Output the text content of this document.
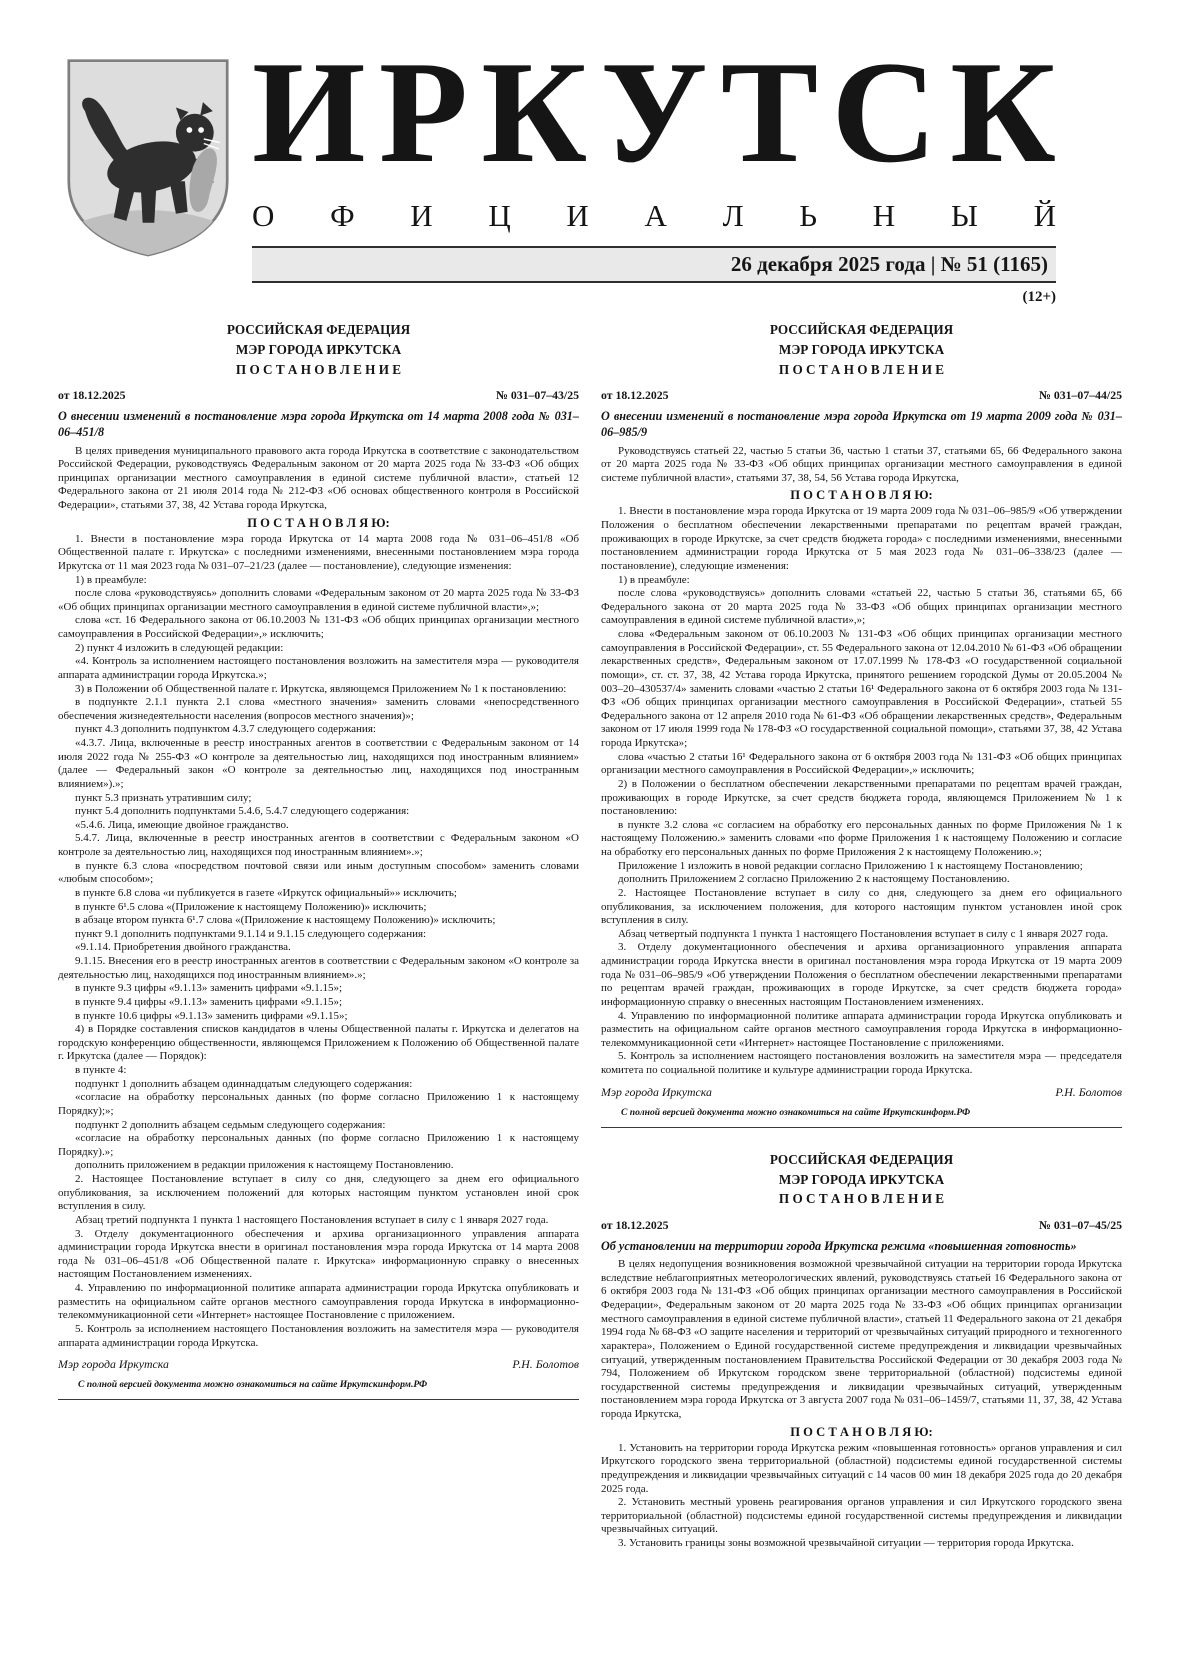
И Р К У Т С К
О Ф И Ц И А Л Ь Н Ы Й
26 декабря 2025 года | № 51 (1165)
(12+)
РОССИЙСКАЯ ФЕДЕРАЦИЯ
МЭР ГОРОДА ИРКУТСКА
П О С Т А Н О В Л Е Н И Е
от 18.12.2025	№ 031–07–43/25
О внесении изменений в постановление мэра города Иркутска от 14 марта 2008 года № 031–06–451/8

В целях приведения муниципального правового акта города Иркутска в соответствие с законодательством Российской Федерации, руководствуясь Федеральным законом от 20 марта 2025 года № 33-ФЗ «Об общих принципах организации местного самоуправления в единой системе публичной власти», статьей 12 Федерального закона от 21 июля 2014 года № 212-ФЗ «Об основах общественного контроля в Российской Федерации», статьями 37, 38, 42 Устава города Иркутска,

П О С Т А Н О В Л Я Ю:

1. Внести в постановление мэра города Иркутска от 14 марта 2008 года № 031–06–451/8 «Об Общественной палате г. Иркутска» с последними изменениями, внесенными постановлением мэра города Иркутска от 11 мая 2023 года № 031–07–21/23 (далее — постановление), следующие изменения:

1) в преамбуле:

после слова «руководствуясь» дополнить словами «Федеральным законом от 20 марта 2025 года № 33-ФЗ «Об общих принципах организации местного самоуправления в единой системе публичной власти»,»;

слова «ст. 16 Федерального закона от 06.10.2003 № 131-ФЗ «Об общих принципах организации местного самоуправления в Российской Федерации»,» исключить;

2) пункт 4 изложить в следующей редакции:

«4. Контроль за исполнением настоящего постановления возложить на заместителя мэра — руководителя аппарата администрации города Иркутска.»;

3) в Положении об Общественной палате г. Иркутска, являющемся Приложением № 1 к постановлению:

в подпункте 2.1.1 пункта 2.1 слова «местного значения» заменить словами «непосредственного обеспечения жизнедеятельности населения (вопросов местного значения)»;

пункт 4.3 дополнить подпунктом 4.3.7 следующего содержания:

«4.3.7. Лица, включенные в реестр иностранных агентов в соответствии с Федеральным законом от 14 июля 2022 года № 255-ФЗ «О контроле за деятельностью лиц, находящихся под иностранным влиянием» (далее — Федеральный закон «О контроле за деятельностью лиц, находящихся под иностранным влиянием»).»;

пункт 5.3 признать утратившим силу;

пункт 5.4 дополнить подпунктами 5.4.6, 5.4.7 следующего содержания:

«5.4.6. Лица, имеющие двойное гражданство.

5.4.7. Лица, включенные в реестр иностранных агентов в соответствии с Федеральным законом «О контроле за деятельностью лиц, находящихся под иностранным влиянием».»;

в пункте 6.3 слова «посредством почтовой связи или иным доступным способом» заменить словами «любым способом»;

в пункте 6.8 слова «и публикуется в газете «Иркутск официальный»» исключить;

в пункте 6¹.5 слова «(Приложение к настоящему Положению)» исключить;

в абзаце втором пункта 6¹.7 слова «(Приложение к настоящему Положению)» исключить;

пункт 9.1 дополнить подпунктами 9.1.14 и 9.1.15 следующего содержания:

«9.1.14. Приобретения двойного гражданства.

9.1.15. Внесения его в реестр иностранных агентов в соответствии с Федеральным законом «О контроле за деятельностью лиц, находящихся под иностранным влиянием».»;

в пункте 9.3 цифры «9.1.13» заменить цифрами «9.1.15»;

в пункте 9.4 цифры «9.1.13» заменить цифрами «9.1.15»;

в пункте 10.6 цифры «9.1.13» заменить цифрами «9.1.15»;

4) в Порядке составления списков кандидатов в члены Общественной палаты г. Иркутска и делегатов на городскую конференцию общественности, являющемся Приложением к Положению об Общественной палате г. Иркутска (далее — Порядок):

в пункте 4:

подпункт 1 дополнить абзацем одиннадцатым следующего содержания:

«согласие на обработку персональных данных (по форме согласно Приложению 1 к настоящему Порядку);»;

подпункт 2 дополнить абзацем седьмым следующего содержания:

«согласие на обработку персональных данных (по форме согласно Приложению 1 к настоящему Порядку).»;

дополнить приложением в редакции приложения к настоящему Постановлению.

2. Настоящее Постановление вступает в силу со дня, следующего за днем его официального опубликования, за исключением положений для которых настоящим пунктом установлен иной срок вступления в силу.

Абзац третий подпункта 1 пункта 1 настоящего Постановления вступает в силу с 1 января 2027 года.

3. Отделу документационного обеспечения и архива организационного управления аппарата администрации города Иркутска внести в оригинал постановления мэра города Иркутска от 14 марта 2008 года № 031–06–451/8 «Об Общественной палате г. Иркутска» информационную справку о внесенных настоящим Постановлением изменениях.

4. Управлению по информационной политике аппарата администрации города Иркутска опубликовать и разместить на официальном сайте органов местного самоуправления города Иркутска в информационно-телекоммуникационной сети «Интернет» настоящее Постановление с приложением.

5. Контроль за исполнением настоящего Постановления возложить на заместителя мэра — руководителя аппарата администрации города Иркутска.

Мэр города Иркутска	Р.Н. Болотов
С полной версией документа можно ознакомиться на сайте Иркутскинформ.РФ
РОССИЙСКАЯ ФЕДЕРАЦИЯ
МЭР ГОРОДА ИРКУТСКА
П О С Т А Н О В Л Е Н И Е
от 18.12.2025	№ 031–07–44/25
О внесении изменений в постановление мэра города Иркутска от 19 марта 2009 года № 031–06–985/9

Руководствуясь статьей 22, частью 5 статьи 36, частью 1 статьи 37, статьями 65, 66 Федерального закона от 20 марта 2025 года № 33-ФЗ «Об общих принципах организации местного самоуправления в единой системе публичной власти», статьями 37, 38, 54, 56 Устава города Иркутска,

П О С Т А Н О В Л Я Ю:

1. Внести в постановление мэра города Иркутска от 19 марта 2009 года № 031–06–985/9 «Об утверждении Положения о бесплатном обеспечении лекарственными препаратами по рецептам врачей граждан, проживающих в городе Иркутске, за счет средств бюджета города» с последними изменениями, внесенными постановлением администрации города Иркутска от 5 мая 2023 года № 031–06–338/23 (далее — постановление), следующие изменения:

1) в преамбуле:

после слова «руководствуясь» дополнить словами «статьей 22, частью 5 статьи 36, статьями 65, 66 Федерального закона от 20 марта 2025 года № 33-ФЗ «Об общих принципах организации местного самоуправления в единой системе публичной власти»,»;

слова «Федеральным законом от 06.10.2003 № 131-ФЗ «Об общих принципах организации местного самоуправления в Российской Федерации», ст. 55 Федерального закона от 12.04.2010 № 61-ФЗ «Об обращении лекарственных средств», Федеральным законом от 17.07.1999 № 178-ФЗ «О государственной социальной помощи», ст. ст. 37, 38, 42 Устава города Иркутска, принятого решением городской Думы от 20.05.2004 № 003–20–430537/4» заменить словами «частью 2 статьи 16¹ Федерального закона от 6 октября 2003 года № 131-ФЗ «Об общих принципах организации местного самоуправления в Российской Федерации», статьей 55 Федерального закона от 12 апреля 2010 года № 61-ФЗ «Об обращении лекарственных средств», Федеральным законом от 17 июля 1999 года № 178-ФЗ «О государственной социальной помощи», статьями 37, 38, 42 Устава города Иркутска»;

слова «частью 2 статьи 16¹ Федерального закона от 6 октября 2003 года № 131-ФЗ «Об общих принципах организации местного самоуправления в Российской Федерации»,» исключить;

2) в Положении о бесплатном обеспечении лекарственными препаратами по рецептам врачей граждан, проживающих в городе Иркутске, за счет средств бюджета города, являющемся Приложением № 1 к постановлению:

в пункте 3.2 слова «с согласием на обработку его персональных данных по форме Приложения № 1 к настоящему Положению.» заменить словами «по форме Приложения 1 к настоящему Положению и согласие на обработку его персональных данных по форме Приложения 2 к настоящему Положению.»;

Приложение 1 изложить в новой редакции согласно Приложению 1 к настоящему Постановлению;

дополнить Приложением 2 согласно Приложению 2 к настоящему Постановлению.

2. Настоящее Постановление вступает в силу со дня, следующего за днем его официального опубликования, за исключением положения, для которого настоящим пунктом установлен иной срок вступления в силу.

Абзац четвертый подпункта 1 пункта 1 настоящего Постановления вступает в силу с 1 января 2027 года.

3. Отделу документационного обеспечения и архива организационного управления аппарата администрации города Иркутска внести в оригинал постановления мэра города Иркутска от 19 марта 2009 года № 031–06–985/9 «Об утверждении Положения о бесплатном обеспечении лекарственными препаратами по рецептам врачей граждан, проживающих в городе Иркутске, за счет средств бюджета города» информационную справку о внесенных настоящим Постановлением изменениях.

4. Управлению по информационной политике аппарата администрации города Иркутска опубликовать и разместить на официальном сайте органов местного самоуправления города Иркутска в информационно-телекоммуникационной сети «Интернет» настоящее Постановление с приложениями.

5. Контроль за исполнением настоящего постановления возложить на заместителя мэра — председателя комитета по социальной политике и культуре администрации города Иркутска.

Мэр города Иркутска	Р.Н. Болотов
С полной версией документа можно ознакомиться на сайте Иркутскинформ.РФ
РОССИЙСКАЯ ФЕДЕРАЦИЯ
МЭР ГОРОДА ИРКУТСКА
П О С Т А Н О В Л Е Н И Е
от 18.12.2025	№ 031–07–45/25
Об установлении на территории города Иркутска режима «повышенная готовность»

В целях недопущения возникновения возможной чрезвычайной ситуации на территории города Иркутска вследствие неблагоприятных метеорологических явлений, руководствуясь статьей 16 Федерального закона от 6 октября 2003 года № 131-ФЗ «Об общих принципах организации местного самоуправления в Российской Федерации», Федеральным законом от 20 марта 2025 года № 33-ФЗ «Об общих принципах организации местного самоуправления в единой системе публичной власти», статьей 11 Федерального закона от 21 декабря 1994 года № 68-ФЗ «О защите населения и территорий от чрезвычайных ситуаций природного и техногенного характера», Положением о Единой государственной системе предупреждения и ликвидации чрезвычайных ситуаций, утвержденным постановлением Правительства Российской Федерации от 30 декабря 2003 года № 794, Положением об Иркутском городском звене территориальной (областной) подсистемы единой государственной системы предупреждения и ликвидации чрезвычайных ситуаций, утвержденным постановлением мэра города Иркутска от 3 августа 2007 года № 031–06–1459/7, статьями 11, 37, 38, 42 Устава города Иркутска,

П О С Т А Н О В Л Я Ю:

1. Установить на территории города Иркутска режим «повышенная готовность» органов управления и сил Иркутского городского звена территориальной (областной) подсистемы единой государственной системы предупреждения и ликвидации чрезвычайных ситуаций с 14 часов 00 мин 18 декабря 2025 года до 20 декабря 2025 года.

2. Установить местный уровень реагирования органов управления и сил Иркутского городского звена территориальной (областной) подсистемы единой государственной системы предупреждения и ликвидации чрезвычайных ситуаций.

3. Установить границы зоны возможной чрезвычайной ситуации — территория города Иркутска.
